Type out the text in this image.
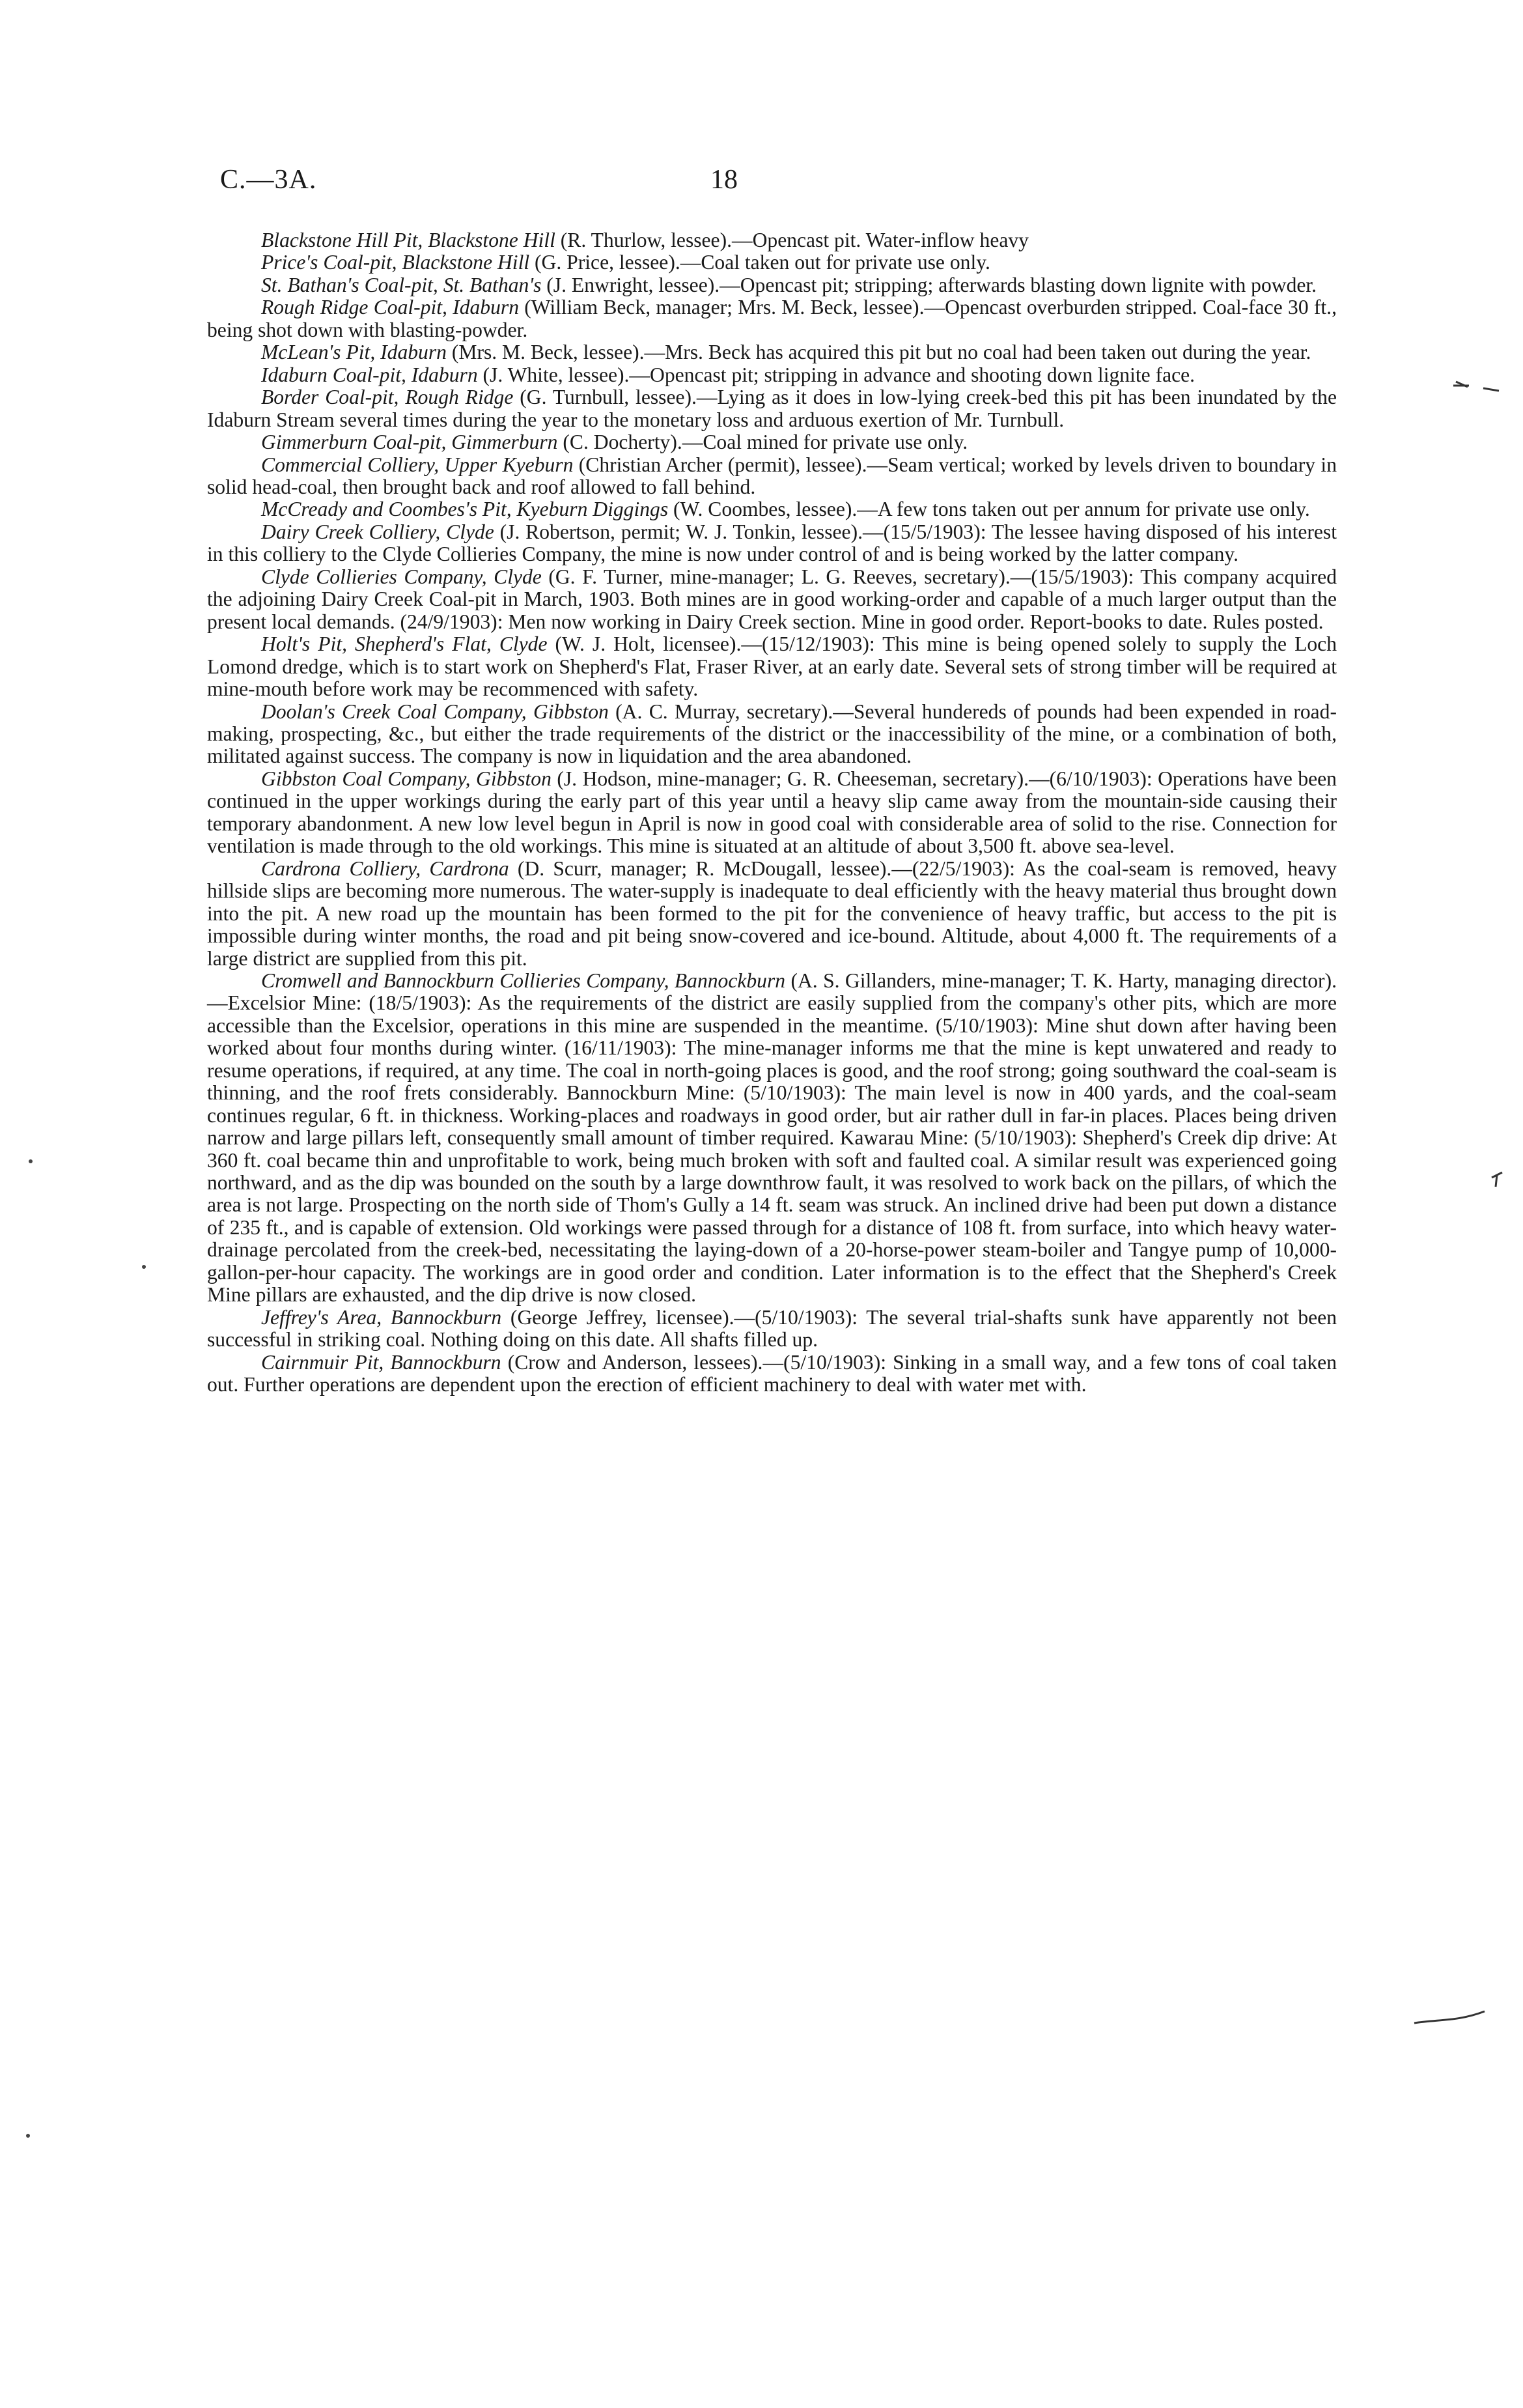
C.—3A.	18

Blackstone Hill Pit, Blackstone Hill (R. Thurlow, lessee).—Opencast pit. Water-inflow heavy

Price's Coal-pit, Blackstone Hill (G. Price, lessee).—Coal taken out for private use only.

St. Bathan's Coal-pit, St. Bathan's (J. Enwright, lessee).—Opencast pit; stripping; afterwards blasting down lignite with powder.

Rough Ridge Coal-pit, Idaburn (William Beck, manager; Mrs. M. Beck, lessee).—Opencast overburden stripped. Coal-face 30 ft., being shot down with blasting-powder.

McLean's Pit, Idaburn (Mrs. M. Beck, lessee).—Mrs. Beck has acquired this pit but no coal had been taken out during the year.

Idaburn Coal-pit, Idaburn (J. White, lessee).—Opencast pit; stripping in advance and shooting down lignite face.

Border Coal-pit, Rough Ridge (G. Turnbull, lessee).—Lying as it does in low-lying creek-bed this pit has been inundated by the Idaburn Stream several times during the year to the monetary loss and arduous exertion of Mr. Turnbull.

Gimmerburn Coal-pit, Gimmerburn (C. Docherty).—Coal mined for private use only.

Commercial Colliery, Upper Kyeburn (Christian Archer (permit), lessee).—Seam vertical; worked by levels driven to boundary in solid head-coal, then brought back and roof allowed to fall behind.

McCready and Coombes's Pit, Kyeburn Diggings (W. Coombes, lessee).—A few tons taken out per annum for private use only.

Dairy Creek Colliery, Clyde (J. Robertson, permit; W. J. Tonkin, lessee).—(15/5/1903): The lessee having disposed of his interest in this colliery to the Clyde Collieries Company, the mine is now under control of and is being worked by the latter company.

Clyde Collieries Company, Clyde (G. F. Turner, mine-manager; L. G. Reeves, secretary).—(15/5/1903): This company acquired the adjoining Dairy Creek Coal-pit in March, 1903. Both mines are in good working-order and capable of a much larger output than the present local demands. (24/9/1903): Men now working in Dairy Creek section. Mine in good order. Report-books to date. Rules posted.

Holt's Pit, Shepherd's Flat, Clyde (W. J. Holt, licensee).—(15/12/1903): This mine is being opened solely to supply the Loch Lomond dredge, which is to start work on Shepherd's Flat, Fraser River, at an early date. Several sets of strong timber will be required at mine-mouth before work may be recommenced with safety.

Doolan's Creek Coal Company, Gibbston (A. C. Murray, secretary).—Several hundereds of pounds had been expended in road-making, prospecting, &c., but either the trade requirements of the district or the inaccessibility of the mine, or a combination of both, militated against success. The company is now in liquidation and the area abandoned.

Gibbston Coal Company, Gibbston (J. Hodson, mine-manager; G. R. Cheeseman, secretary).—(6/10/1903): Operations have been continued in the upper workings during the early part of this year until a heavy slip came away from the mountain-side causing their temporary abandonment. A new low level begun in April is now in good coal with considerable area of solid to the rise. Connection for ventilation is made through to the old workings. This mine is situated at an altitude of about 3,500 ft. above sea-level.

Cardrona Colliery, Cardrona (D. Scurr, manager; R. McDougall, lessee).—(22/5/1903): As the coal-seam is removed, heavy hillside slips are becoming more numerous. The water-supply is inadequate to deal efficiently with the heavy material thus brought down into the pit. A new road up the mountain has been formed to the pit for the convenience of heavy traffic, but access to the pit is impossible during winter months, the road and pit being snow-covered and ice-bound. Altitude, about 4,000 ft. The requirements of a large district are supplied from this pit.

Cromwell and Bannockburn Collieries Company, Bannockburn (A. S. Gillanders, mine-manager; T. K. Harty, managing director).—Excelsior Mine: (18/5/1903): As the requirements of the district are easily supplied from the company's other pits, which are more accessible than the Excelsior, operations in this mine are suspended in the meantime. (5/10/1903): Mine shut down after having been worked about four months during winter. (16/11/1903): The mine-manager informs me that the mine is kept unwatered and ready to resume operations, if required, at any time. The coal in north-going places is good, and the roof strong; going southward the coal-seam is thinning, and the roof frets considerably. Bannockburn Mine: (5/10/1903): The main level is now in 400 yards, and the coal-seam continues regular, 6 ft. in thickness. Working-places and roadways in good order, but air rather dull in far-in places. Places being driven narrow and large pillars left, consequently small amount of timber required. Kawarau Mine: (5/10/1903): Shepherd's Creek dip drive: At 360 ft. coal became thin and unprofitable to work, being much broken with soft and faulted coal. A similar result was experienced going northward, and as the dip was bounded on the south by a large downthrow fault, it was resolved to work back on the pillars, of which the area is not large. Prospecting on the north side of Thom's Gully a 14 ft. seam was struck. An inclined drive had been put down a distance of 235 ft., and is capable of extension. Old workings were passed through for a distance of 108 ft. from surface, into which heavy water-drainage percolated from the creek-bed, necessitating the laying-down of a 20-horse-power steam-boiler and Tangye pump of 10,000-gallon-per-hour capacity. The workings are in good order and condition. Later information is to the effect that the Shepherd's Creek Mine pillars are exhausted, and the dip drive is now closed.

Jeffrey's Area, Bannockburn (George Jeffrey, licensee).—(5/10/1903): The several trial-shafts sunk have apparently not been successful in striking coal. Nothing doing on this date. All shafts filled up.

Cairnmuir Pit, Bannockburn (Crow and Anderson, lessees).—(5/10/1903): Sinking in a small way, and a few tons of coal taken out. Further operations are dependent upon the erection of efficient machinery to deal with water met with.
